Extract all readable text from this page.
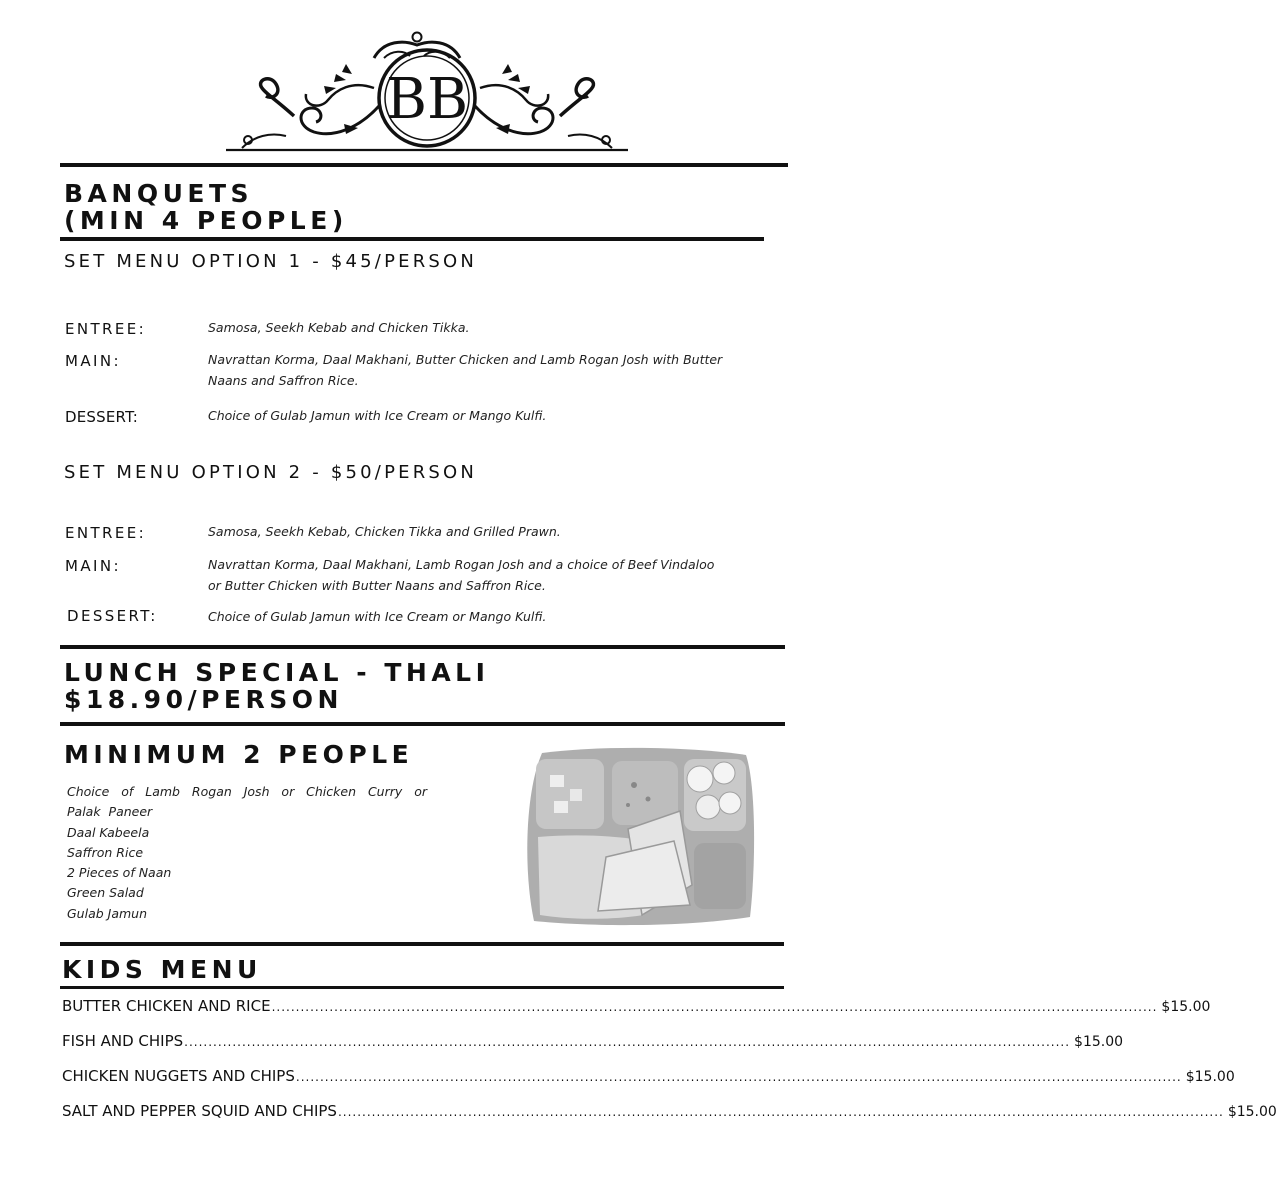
BB
BANQUETS
(MIN 4 PEOPLE)
SET MENU OPTION 1 - $45/PERSON
ENTREE:	Samosa, Seekh Kebab and Chicken Tikka.
MAIN:	Navrattan Korma, Daal Makhani, Butter Chicken and Lamb Rogan Josh with Butter Naans and Saffron Rice.
DESSERT:	Choice of Gulab Jamun with Ice Cream or Mango Kulfi.
SET MENU OPTION 2 - $50/PERSON
ENTREE:	Samosa, Seekh Kebab, Chicken Tikka and Grilled Prawn.
MAIN:	Navrattan Korma, Daal Makhani, Lamb Rogan Josh and a choice of Beef Vindaloo or Butter Chicken with Butter Naans and Saffron Rice.
DESSERT:	Choice of Gulab Jamun with Ice Cream or Mango Kulfi.
LUNCH SPECIAL - THALI
$18.90/PERSON
MINIMUM 2 PEOPLE
Choice of Lamb Rogan Josh or Chicken Curry or Palak Paneer
Daal Kabeela
Saffron Rice
2 Pieces of Naan
Green Salad
Gulab Jamun
KIDS MENU
BUTTER CHICKEN AND RICE ........................................................................................................................................................................................ $15.00
FISH AND CHIPS ........................................................................................................................................................................................ $15.00
CHICKEN NUGGETS AND CHIPS ........................................................................................................................................................................................ $15.00
SALT AND PEPPER SQUID AND CHIPS ........................................................................................................................................................................................ $15.00
